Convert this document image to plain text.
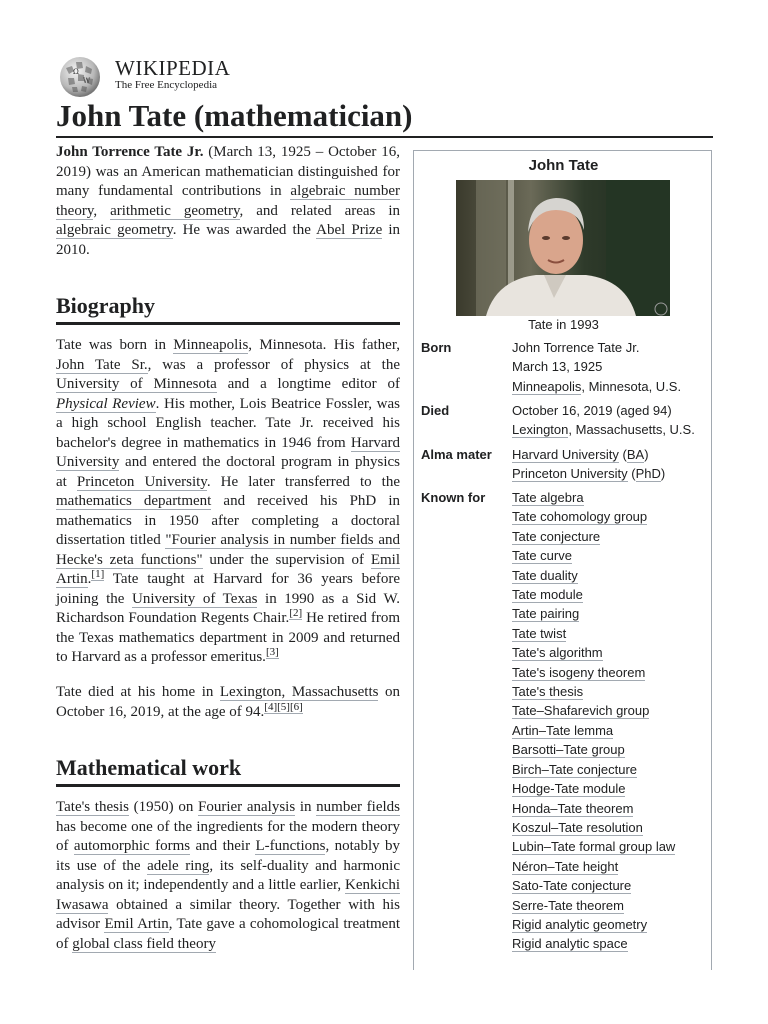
Ω
W
WIKIPEDIA
The Free Encyclopedia
John Tate (mathematician)

John Torrence Tate Jr. (March 13, 1925 – October 16, 2019) was an American mathematician distinguished for many fundamental contributions in algebraic number theory, arithmetic geometry, and related areas in algebraic geometry. He was awarded the Abel Prize in 2010.

Biography

Tate was born in Minneapolis, Minnesota. His father, John Tate Sr., was a professor of physics at the University of Minnesota and a longtime editor of Physical Review. His mother, Lois Beatrice Fossler, was a high school English teacher. Tate Jr. received his bachelor's degree in mathematics in 1946 from Harvard University and entered the doctoral program in physics at Princeton University. He later transferred to the mathematics department and received his PhD in mathematics in 1950 after completing a doctoral dissertation titled "Fourier analysis in number fields and Hecke's zeta functions" under the supervision of Emil Artin.[1] Tate taught at Harvard for 36 years before joining the University of Texas in 1990 as a Sid W. Richardson Foundation Regents Chair.[2] He retired from the Texas mathematics department in 2009 and returned to Harvard as a professor emeritus.[3]

Tate died at his home in Lexington, Massachusetts on October 16, 2019, at the age of 94.[4][5][6]

Mathematical work

Tate's thesis (1950) on Fourier analysis in number fields has become one of the ingredients for the modern theory of automorphic forms and their L-functions, notably by its use of the adele ring, its self-duality and harmonic analysis on it; independently and a little earlier, Kenkichi Iwasawa obtained a similar theory. Together with his advisor Emil Artin, Tate gave a cohomological treatment of global class field theory

John Tate
Tate in 1993
Born	John Torrence Tate Jr.
March 13, 1925
Minneapolis, Minnesota, U.S.
Died	October 16, 2019 (aged 94)
Lexington, Massachusetts, U.S.
Alma mater Harvard University (BA)
Princeton University (PhD)
Known for Tate algebra
Tate cohomology group
Tate conjecture
Tate curve
Tate duality
Tate module
Tate pairing
Tate twist
Tate's algorithm
Tate's isogeny theorem
Tate's thesis
Tate–Shafarevich group
Artin–Tate lemma
Barsotti–Tate group
Birch–Tate conjecture
Hodge-Tate module
Honda–Tate theorem
Koszul–Tate resolution
Lubin–Tate formal group law
Néron–Tate height
Sato-Tate conjecture
Serre-Tate theorem
Rigid analytic geometry
Rigid analytic space
